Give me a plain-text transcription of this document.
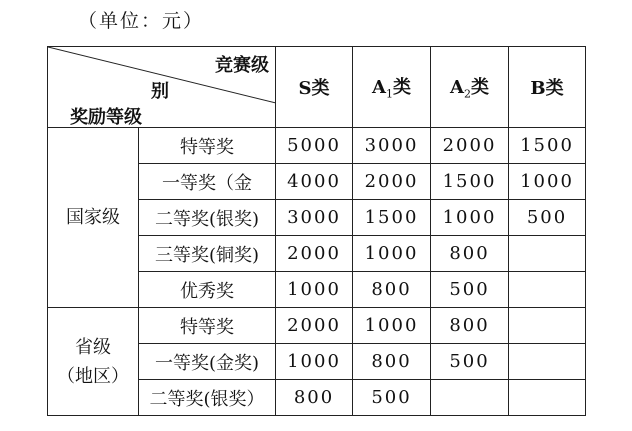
（单位：元）
竞赛级
别
奖励等级		S类	$A_1$类	$A_2$类	B类
国家级	特等奖	5000	3000	2000	1500
	一等奖（金	4000	2000	1500	1000
	二等奖(银奖)	3000	1500	1000	500
	三等奖(铜奖)	2000	1000	800	
	优秀奖	1000	800	500	
省级
（地区）	特等奖	2000	1000	800	
	一等奖(金奖)	1000	800	500	
	二等奖(银奖）	800	500		
